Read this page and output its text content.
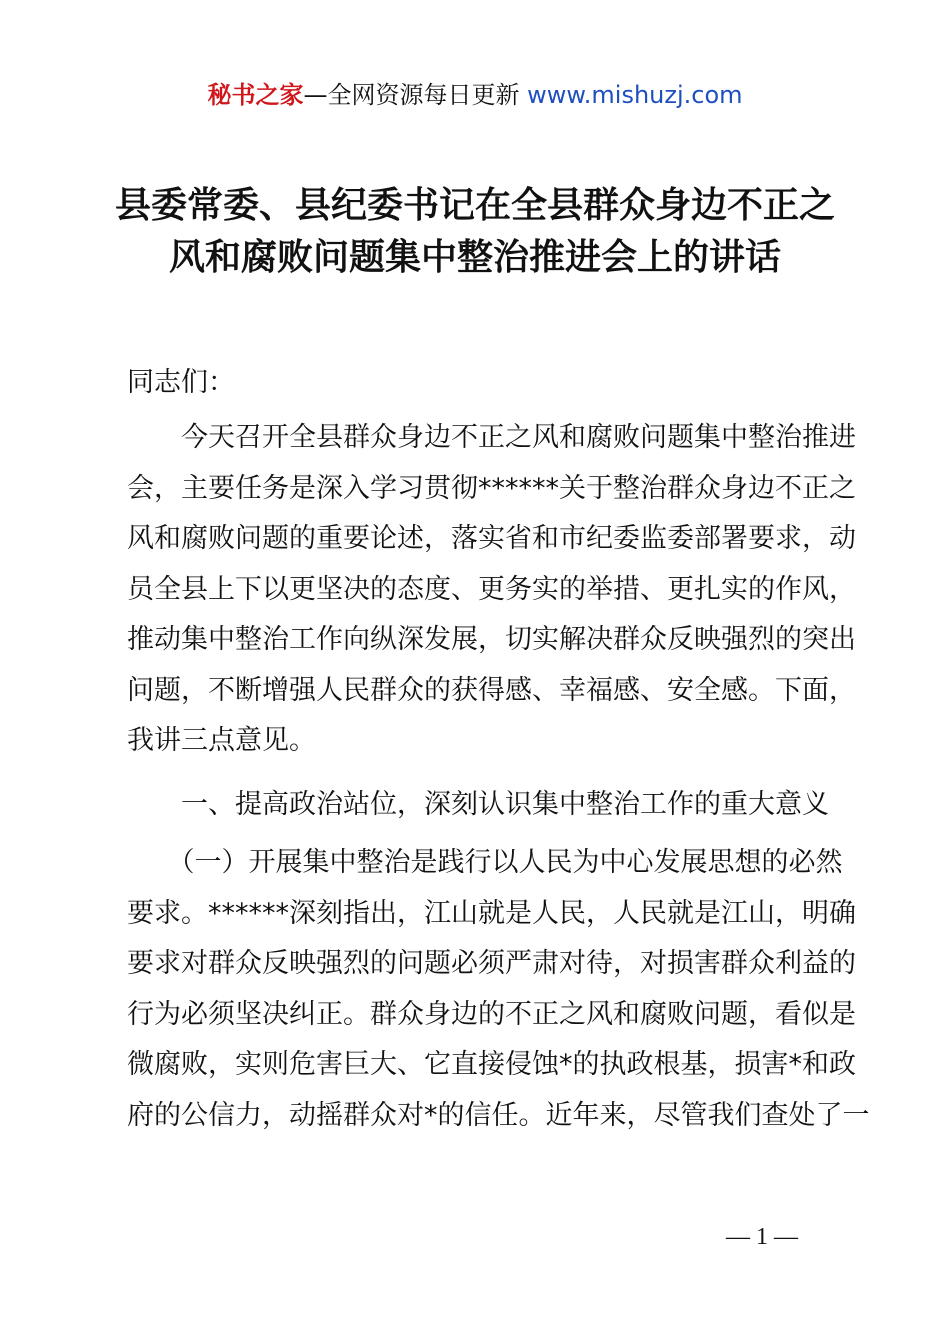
秘书之家—全网资源每日更新 www.mishuzj.com
县委常委、县纪委书记在全县群众身边不正之
风和腐败问题集中整治推进会上的讲话

同志们：

　　今天召开全县群众身边不正之风和腐败问题集中整治推进
会，主要任务是深入学习贯彻******关于整治群众身边不正之
风和腐败问题的重要论述，落实省和市纪委监委部署要求，动
员全县上下以更坚决的态度、更务实的举措、更扎实的作风，
推动集中整治工作向纵深发展，切实解决群众反映强烈的突出
问题，不断增强人民群众的获得感、幸福感、安全感。下面，
我讲三点意见。

　　一、提高政治站位，深刻认识集中整治工作的重大意义

　　（一）开展集中整治是践行以人民为中心发展思想的必然
要求。******深刻指出，江山就是人民，人民就是江山，明确
要求对群众反映强烈的问题必须严肃对待，对损害群众利益的
行为必须坚决纠正。群众身边的不正之风和腐败问题，看似是
微腐败，实则危害巨大、它直接侵蚀*的执政根基，损害*和政
府的公信力，动摇群众对*的信任。近年来，尽管我们查处了一

— 1 —
